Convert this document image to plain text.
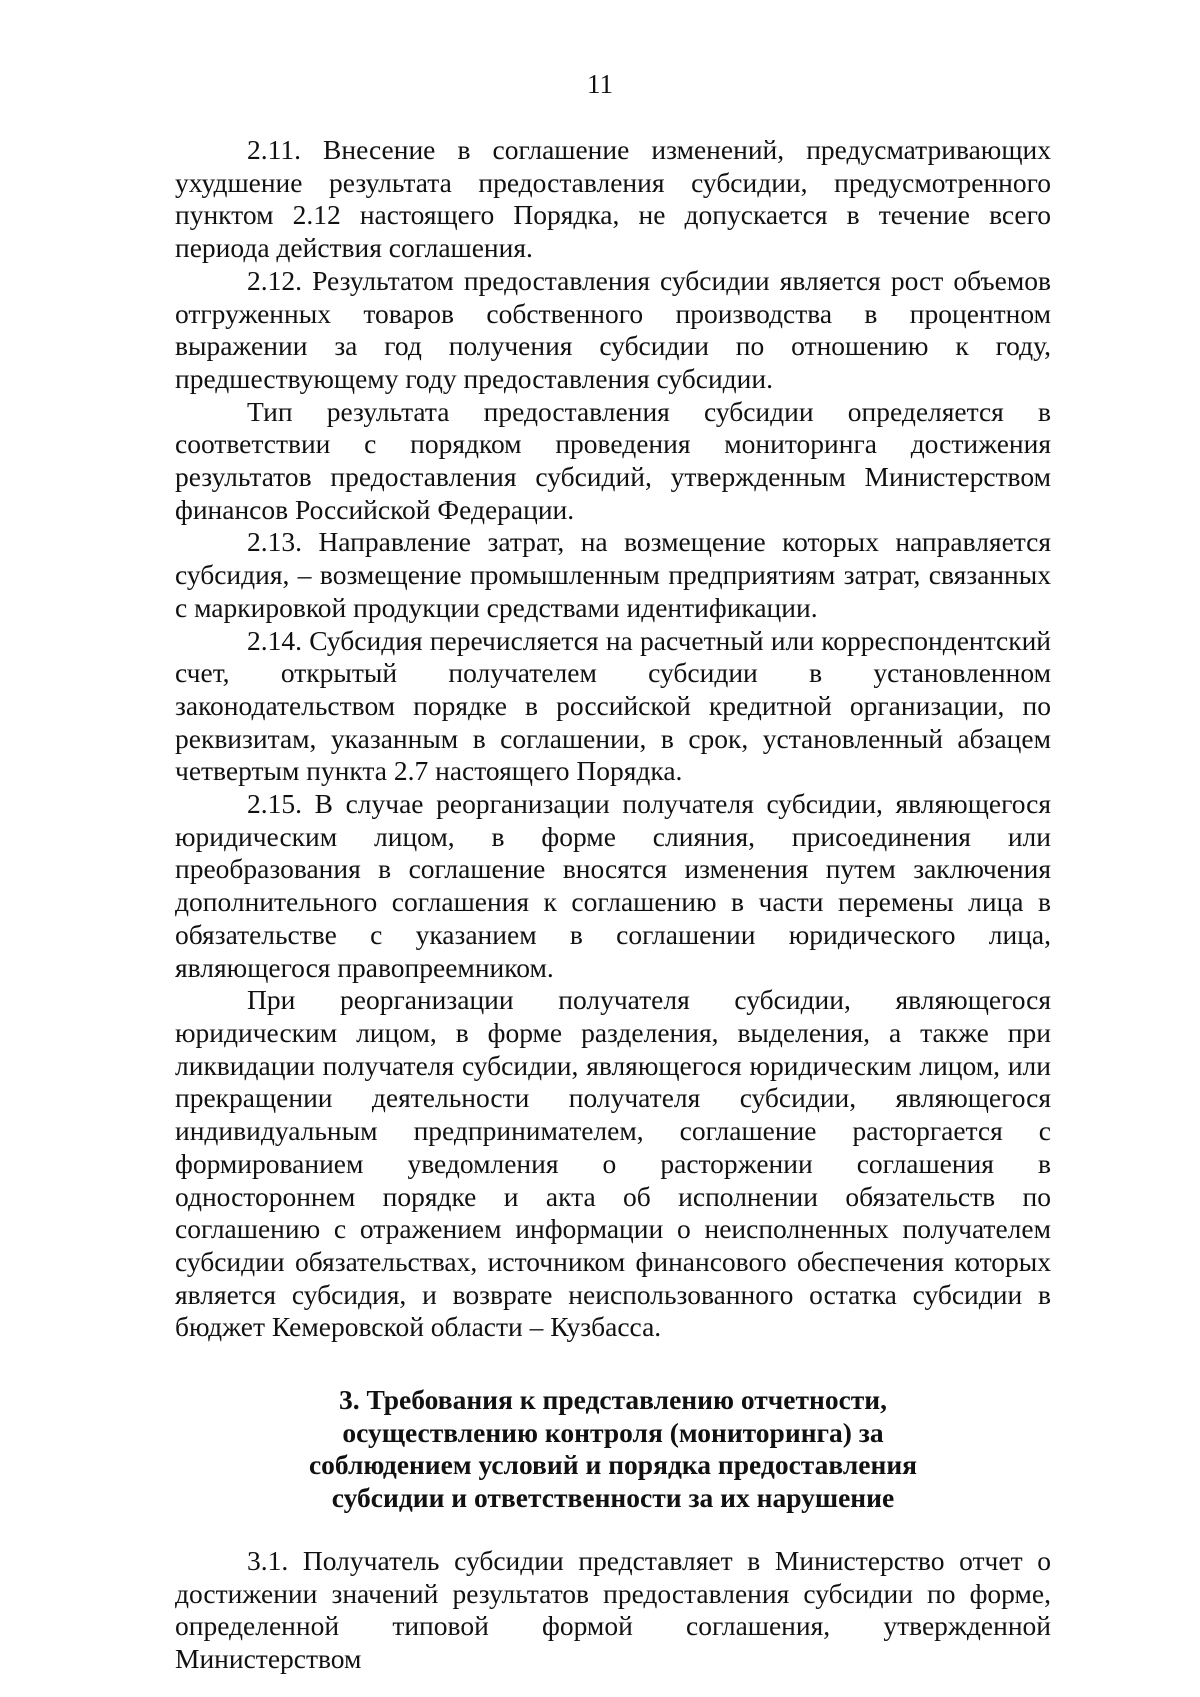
11

2.11. Внесение в соглашение изменений, предусматривающих ухудшение результата предоставления субсидии, предусмотренного пунктом 2.12 настоящего Порядка, не допускается в течение всего периода действия соглашения.

2.12. Результатом предоставления субсидии является рост объемов отгруженных товаров собственного производства в процентном выражении за год получения субсидии по отношению к году, предшествующему году предоставления субсидии.

Тип результата предоставления субсидии определяется в соответствии с порядком проведения мониторинга достижения результатов предоставления субсидий, утвержденным Министерством финансов Российской Федерации.

2.13. Направление затрат, на возмещение которых направляется субсидия, – возмещение промышленным предприятиям затрат, связанных с маркировкой продукции средствами идентификации.

2.14. Субсидия перечисляется на расчетный или корреспондентский счет, открытый получателем субсидии в установленном законодательством порядке в российской кредитной организации, по реквизитам, указанным в соглашении, в срок, установленный абзацем четвертым пункта 2.7 настоящего Порядка.

2.15. В случае реорганизации получателя субсидии, являющегося юридическим лицом, в форме слияния, присоединения или преобразования в соглашение вносятся изменения путем заключения дополнительного соглашения к соглашению в части перемены лица в обязательстве с указанием в соглашении юридического лица, являющегося правопреемником.

При реорганизации получателя субсидии, являющегося юридическим лицом, в форме разделения, выделения, а также при ликвидации получателя субсидии, являющегося юридическим лицом, или прекращении деятельности получателя субсидии, являющегося индивидуальным предпринимателем, соглашение расторгается с формированием уведомления о расторжении соглашения в одностороннем порядке и акта об исполнении обязательств по соглашению с отражением информации о неисполненных получателем субсидии обязательствах, источником финансового обеспечения которых является субсидия, и возврате неиспользованного остатка субсидии в бюджет Кемеровской области – Кузбасса.

3. Требования к представлению отчетности,
осуществлению контроля (мониторинга) за
соблюдением условий и порядка предоставления
субсидии и ответственности за их нарушение

3.1. Получатель субсидии представляет в Министерство отчет о достижении значений результатов предоставления субсидии по форме, определенной типовой формой соглашения, утвержденной Министерством
